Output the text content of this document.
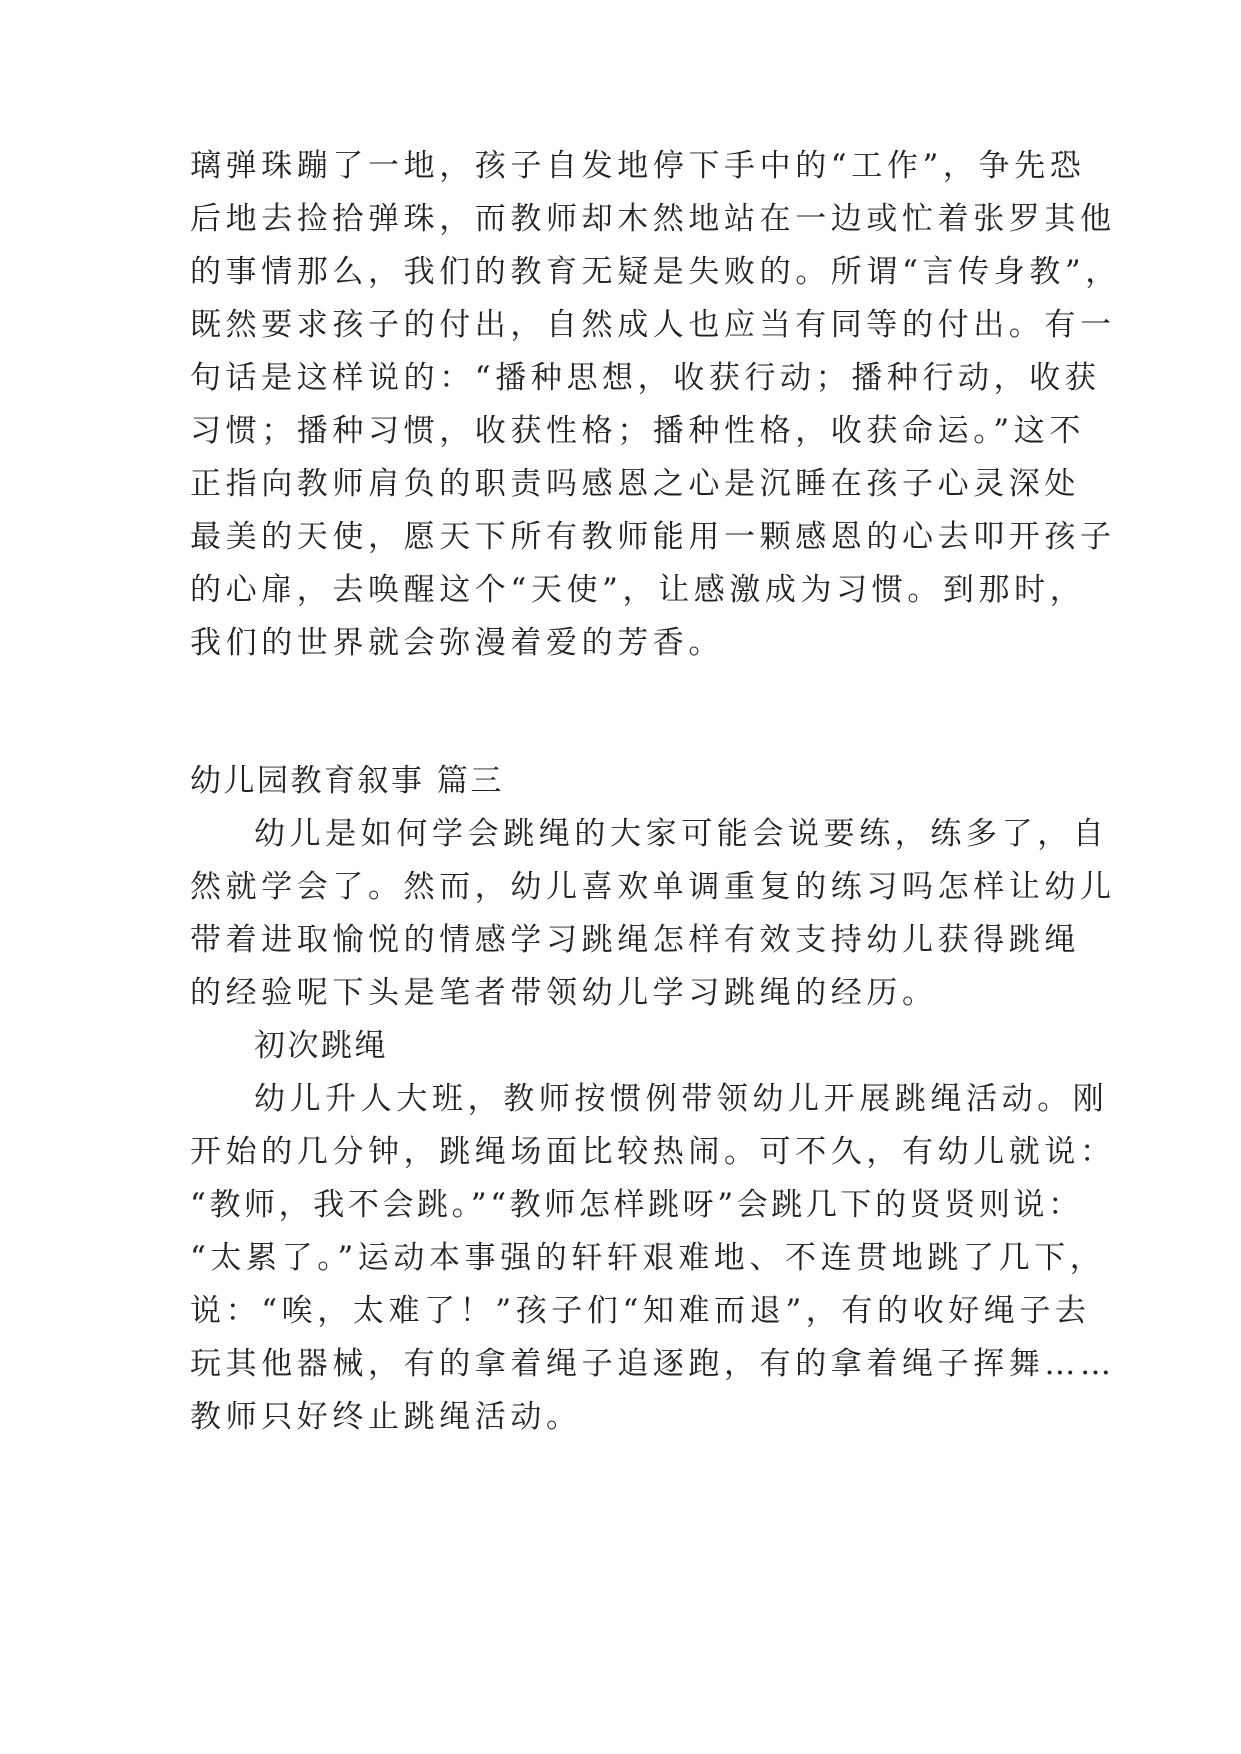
璃弹珠蹦了一地，孩子自发地停下手中的“工作”，争先恐
后地去捡拾弹珠，而教师却木然地站在一边或忙着张罗其他
的事情那么，我们的教育无疑是失败的。所谓“言传身教”，
既然要求孩子的付出，自然成人也应当有同等的付出。有一
句话是这样说的：“播种思想，收获行动；播种行动，收获
习惯；播种习惯，收获性格；播种性格，收获命运。”这不
正指向教师肩负的职责吗感恩之心是沉睡在孩子心灵深处
最美的天使，愿天下所有教师能用一颗感恩的心去叩开孩子
的心扉，去唤醒这个“天使”，让感激成为习惯。到那时，
我们的世界就会弥漫着爱的芳香。
幼儿园教育叙事 篇三
幼儿是如何学会跳绳的大家可能会说要练，练多了，自
然就学会了。然而，幼儿喜欢单调重复的练习吗怎样让幼儿
带着进取愉悦的情感学习跳绳怎样有效支持幼儿获得跳绳
的经验呢下头是笔者带领幼儿学习跳绳的经历。
初次跳绳
幼儿升人大班，教师按惯例带领幼儿开展跳绳活动。刚
开始的几分钟，跳绳场面比较热闹。可不久，有幼儿就说：
“教师，我不会跳。”“教师怎样跳呀”会跳几下的贤贤则说：
“太累了。”运动本事强的轩轩艰难地、不连贯地跳了几下，
说：“唉，太难了！”孩子们“知难而退”，有的收好绳子去
玩其他器械，有的拿着绳子追逐跑，有的拿着绳子挥舞……
教师只好终止跳绳活动。
